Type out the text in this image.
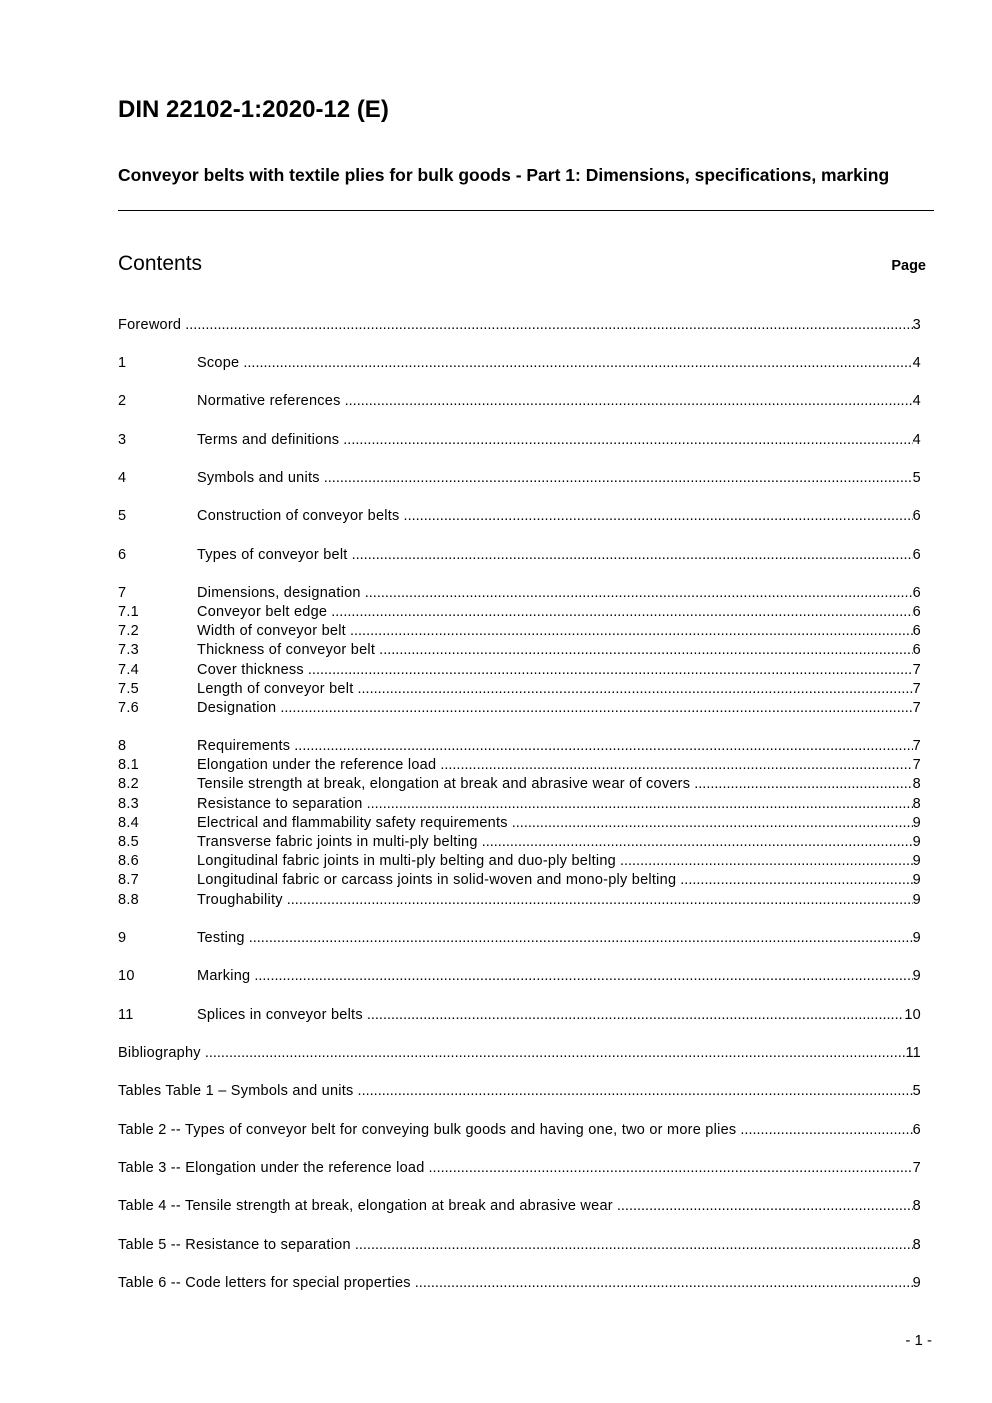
DIN 22102-1:2020-12 (E)
Conveyor belts with textile plies for bulk goods - Part 1: Dimensions, specifications, marking
Contents	Page
Foreword .....	3
1	Scope .....	4
2	Normative references .....	4
3	Terms and definitions .....	4
4	Symbols and units .....	5
5	Construction of conveyor belts .....	6
6	Types of conveyor belt .....	6
7	Dimensions, designation .....	6
7.1	Conveyor belt edge .....	6
7.2	Width of conveyor belt .....	6
7.3	Thickness of conveyor belt .....	6
7.4	Cover thickness .....	7
7.5	Length of conveyor belt .....	7
7.6	Designation .....	7
8	Requirements .....	7
8.1	Elongation under the reference load .....	7
8.2	Tensile strength at break, elongation at break and abrasive wear of covers .....	8
8.3	Resistance to separation .....	8
8.4	Electrical and flammability safety requirements .....	9
8.5	Transverse fabric joints in multi-ply belting .....	9
8.6	Longitudinal fabric joints in multi-ply belting and duo-ply belting .....	9
8.7	Longitudinal fabric or carcass joints in solid-woven and mono-ply belting .....	9
8.8	Troughability .....	9
9	Testing .....	9
10	Marking .....	9
11	Splices in conveyor belts .....	10
Bibliography .....	11
Tables Table 1 – Symbols and units .....	5
Table 2 -- Types of conveyor belt for conveying bulk goods and having one, two or more plies .....	6
Table 3 -- Elongation under the reference load .....	7
Table 4 -- Tensile strength at break, elongation at break and abrasive wear .....	8
Table 5 -- Resistance to separation .....	8
Table 6 -- Code letters for special properties .....	9
- 1 -
